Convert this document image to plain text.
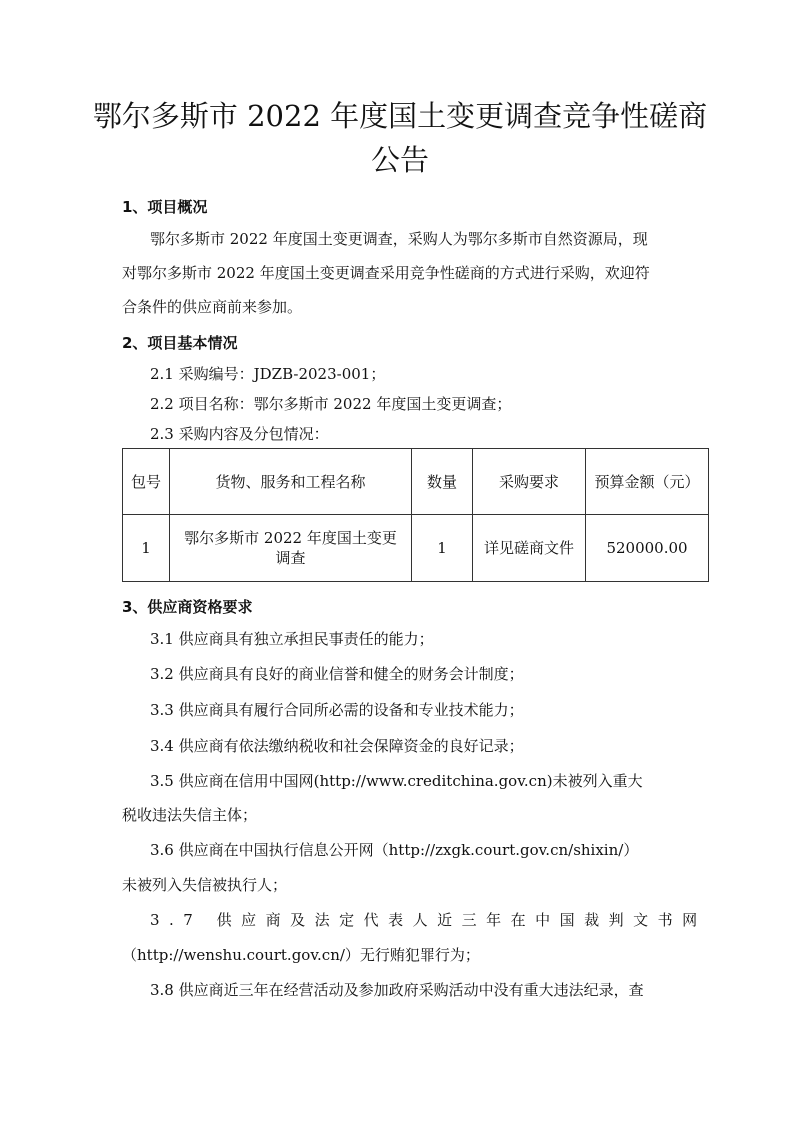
鄂尔多斯市 2022 年度国土变更调查竞争性磋商
公告
1、项目概况
鄂尔多斯市 2022 年度国土变更调查，采购人为鄂尔多斯市自然资源局，现
对鄂尔多斯市 2022 年度国土变更调查采用竞争性磋商的方式进行采购，欢迎符
合条件的供应商前来参加。
2、项目基本情况
2.1 采购编号：JDZB-2023-001；
2.2 项目名称：鄂尔多斯市 2022 年度国土变更调查；
2.3 采购内容及分包情况：
包号	货物、服务和工程名称	数量	采购要求	预算金额（元）
1	鄂尔多斯市 2022 年度国土变更
调查	1	详见磋商文件	520000.00
3、供应商资格要求
3.1 供应商具有独立承担民事责任的能力；
3.2 供应商具有良好的商业信誉和健全的财务会计制度；
3.3 供应商具有履行合同所必需的设备和专业技术能力；
3.4 供应商有依法缴纳税收和社会保障资金的良好记录；
3.5 供应商在信用中国网(http://www.creditchina.gov.cn)未被列入重大
税收违法失信主体；
3.6 供应商在中国执行信息公开网（http://zxgk.court.gov.cn/shixin/）
未被列入失信被执行人；
3.7 供应商及法定代表人近三年在中国裁判文书网
（http://wenshu.court.gov.cn/）无行贿犯罪行为；
3.8 供应商近三年在经营活动及参加政府采购活动中没有重大违法纪录，查
